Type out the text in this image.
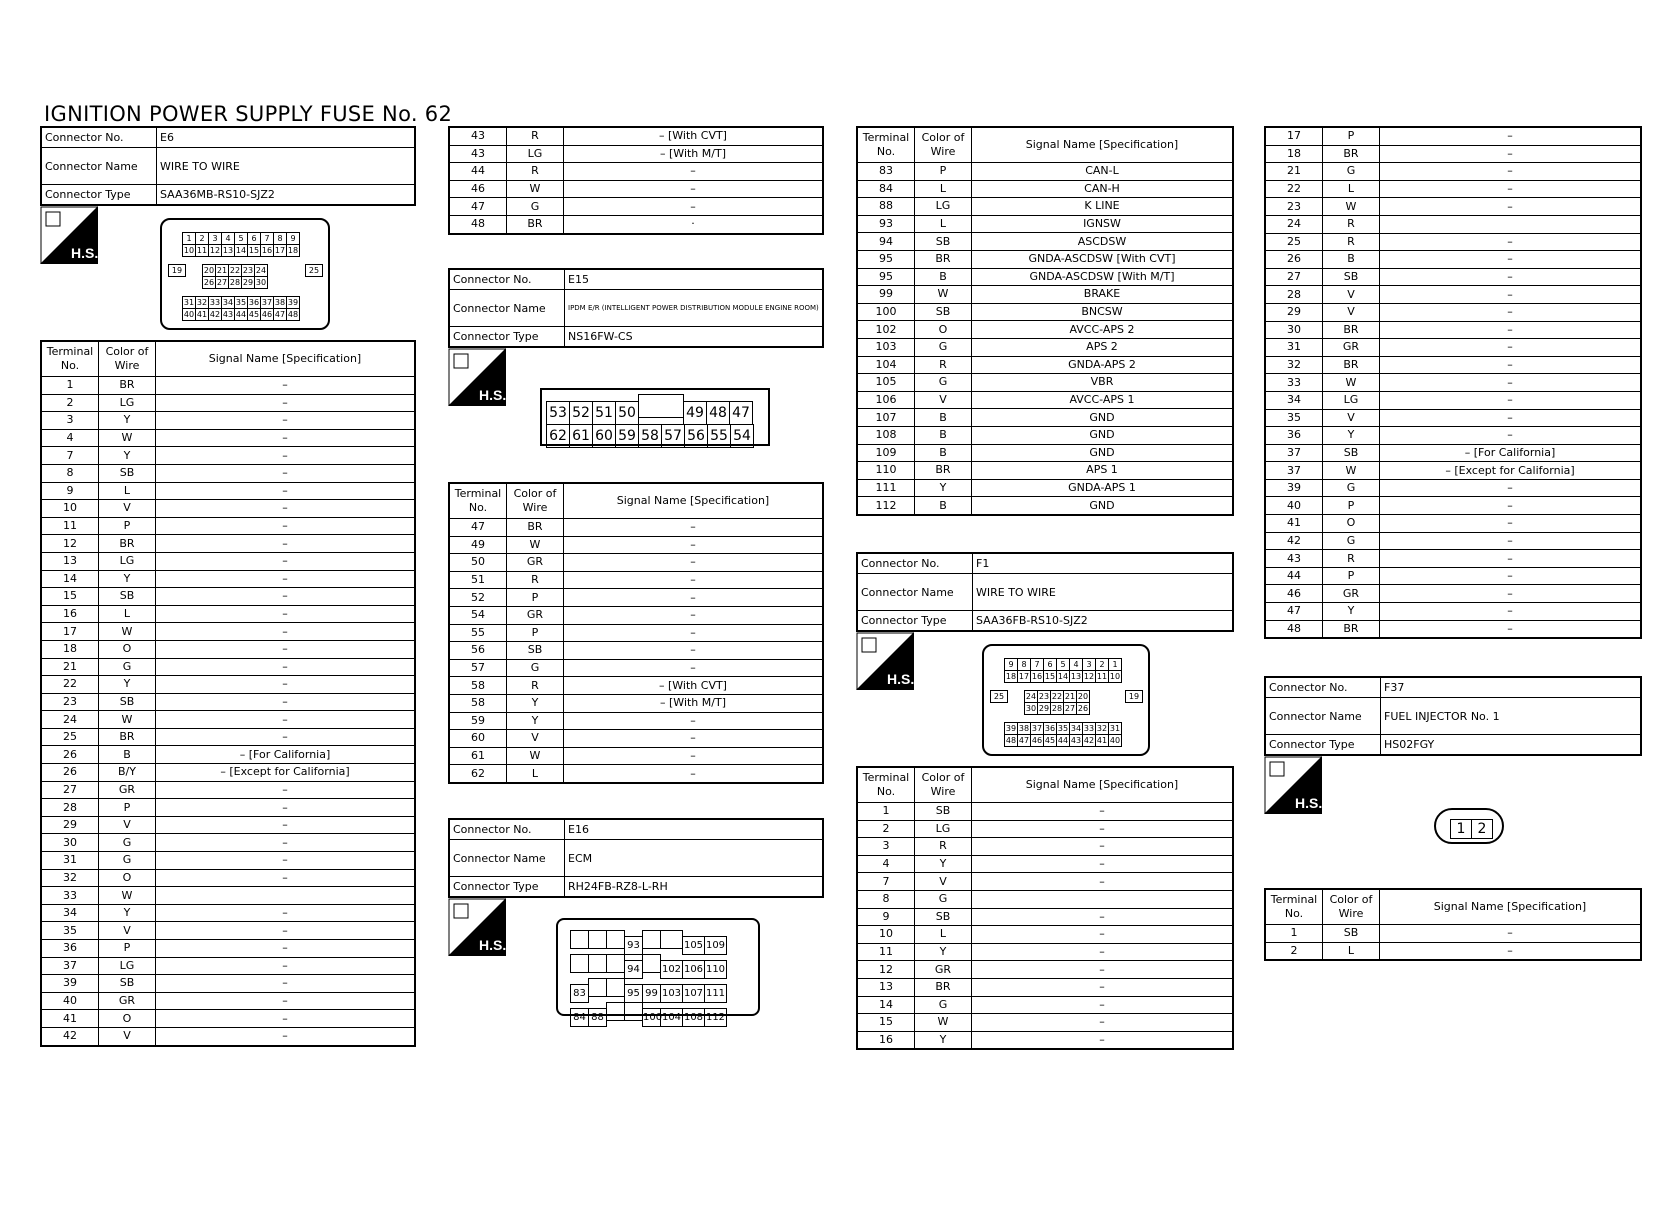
IGNITION POWER SUPPLY FUSE No. 62
Connector No.	E6
Connector Name	WIRE TO WIRE
Connector Type	SAA36MB-RS10-SJZ2
H.S.
1 2 3 4 5 6 7 8 9
10 11 12 13 14 15 16 17 18
20 21 22 23 24
26 27 28 29 30
31 32 33 34 35 36 37 38 39
40 41 42 43 44 45 46 47 48
19	25
Terminal No.	Color of Wire	Signal Name [Specification]
1	BR	–
2	LG	–
3	Y	–
4	W	–
7	Y	–
8	SB	–
9	L	–
10	V	–
11	P	–
12	BR	–
13	LG	–
14	Y	–
15	SB	–
16	L	–
17	W	–
18	O	–
21	G	–
22	Y	–
23	SB	–
24	W	–
25	BR	–
26	B	– [For California]
26	B/Y	– [Except for California]
27	GR	–
28	P	–
29	V	–
30	G	–
31	G	–
32	O	–
33	W	
34	Y	–
35	V	–
36	P	–
37	LG	–
39	SB	–
40	GR	–
41	O	–
42	V	–
43	R	– [With CVT]
43	LG	– [With M/T]
44	R	–
46	W	–
47	G	–
48	BR	·
Connector No.	E15
Connector Name	IPDM E/R (INTELLIGENT POWER DISTRIBUTION MODULE ENGINE ROOM)
Connector Type	NS16FW-CS
H.S.
53 52 51 50	49 48 47
62 61 60 59 58 57 56 55 54
Terminal No.	Color of Wire	Signal Name [Specification]
47	BR	–
49	W	–
50	GR	–
51	R	–
52	P	–
54	GR	–
55	P	–
56	SB	–
57	G	–
58	R	– [With CVT]
58	Y	– [With M/T]
59	Y	–
60	V	–
61	W	–
62	L	–
Connector No.	E16
Connector Name	ECM
Connector Type	RH24FB-RZ8-L-RH
H.S.	93	105 109
94 102 106 110
83	95 99 103 107 111
84 88	100104 108 112
Terminal No.	Color of Wire	Signal Name [Specification]
83	P	CAN-L
84	L	CAN-H
88	LG	K LINE
93	L	IGNSW
94	SB	ASCDSW
95	BR	GNDA-ASCDSW [With CVT]
95	B	GNDA-ASCDSW [With M/T]
99	W	BRAKE
100	SB	BNCSW
102	O	AVCC-APS 2
103	G	APS 2
104	R	GNDA-APS 2
105	G	VBR
106	V	AVCC-APS 1
107	B	GND
108	B	GND
109	B	GND
110	BR	APS 1
111	Y	GNDA-APS 1
112	B	GND
Connector No.	F1
Connector Name	WIRE TO WIRE
Connector Type	SAA36FB-RS10-SJZ2
H.S.
9 8 7 6 5 4 3 2 1
18 17 16 15 14 13 12 11 10
24 23 22 21 20
30 29 28 27 26
39 38 37 36 35 34 33 32 31
48 47 46 45 44 43 42 41 40
25	19
Terminal No.	Color of Wire	Signal Name [Specification]
1	SB	–
2	LG	–
3	R	–
4	Y	–
7	V	–
8	G	
9	SB	–
10	L	–
11	Y	–
12	GR	–
13	BR	–
14	G	–
15	W	–
16	Y	–
17	P	–
18	BR	–
21	G	–
22	L	–
23	W	–
24	R	
25	R	–
26	B	–
27	SB	–
28	V	–
29	V	–
30	BR	–
31	GR	–
32	BR	–
33	W	–
34	LG	–
35	V	–
36	Y	–
37	SB	– [For California]
37	W	– [Except for California]
39	G	–
40	P	–
41	O	–
42	G	–
43	R	–
44	P	–
46	GR	–
47	Y	–
48	BR	–
Connector No.	F37
Connector Name	FUEL INJECTOR No. 1
Connector Type	HS02FGY
H.S.
1 2
Terminal No.	Color of Wire	Signal Name [Specification]
1	SB	–
2	L	–
